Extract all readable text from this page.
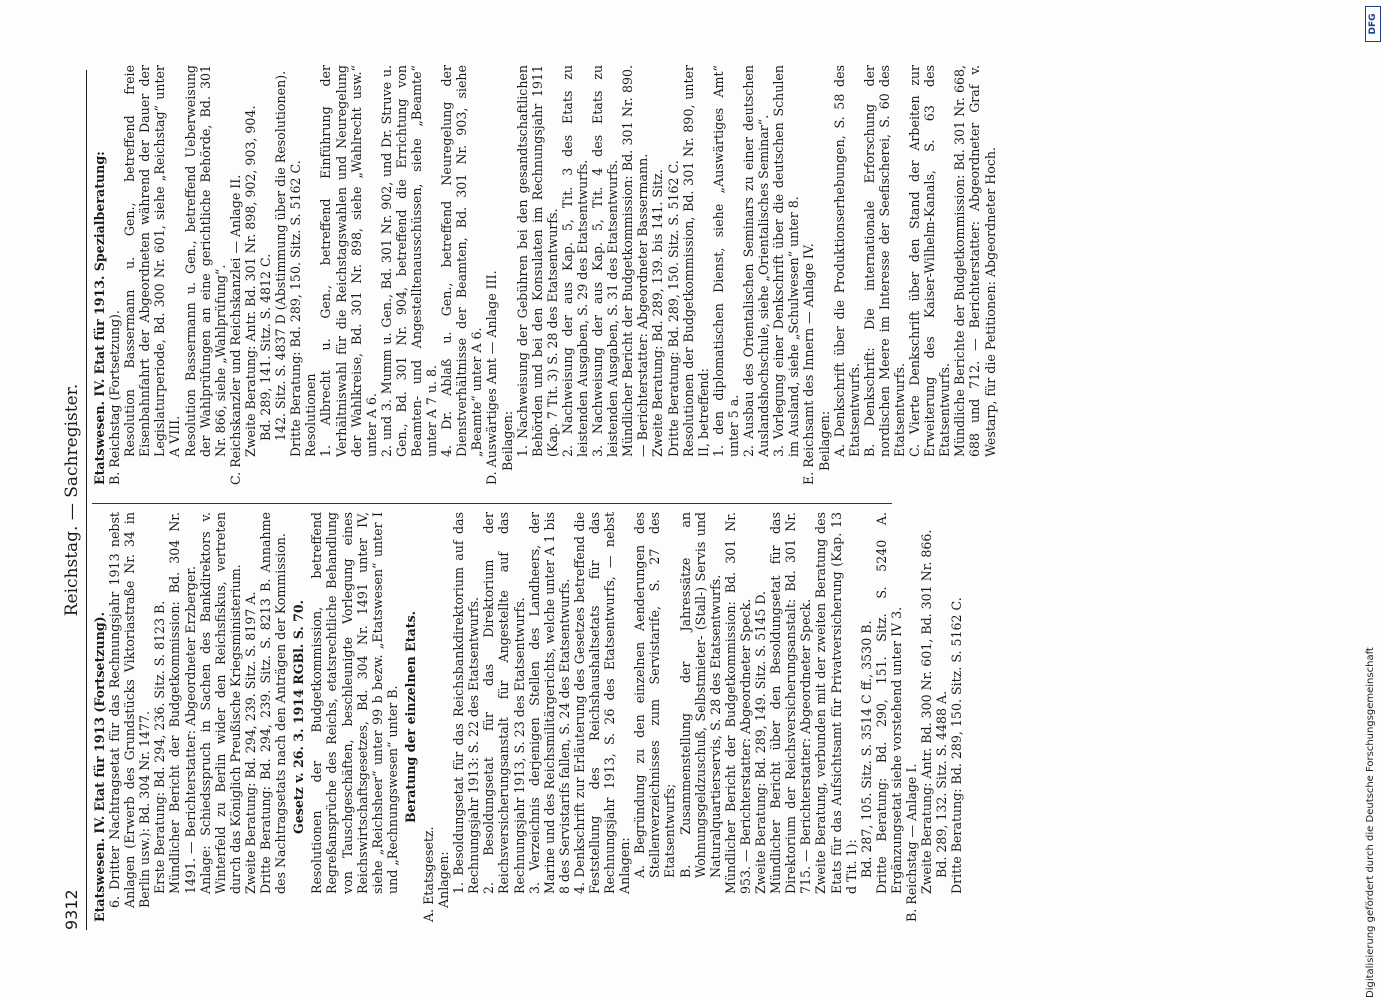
9312
Reichstag. — Sachregister.

Etatswesen. IV. Etat für 1913 (Fortsetzung). 6. Dritter Nachtragsetat für das Rechnungsjahr 1913 nebst Anlagen (Erwerb des Grundstücks Viktoriastraße Nr. 34 in Berlin usw.): Bd. 304 Nr. 1477. Erste Beratung: Bd. 294, 236. Sitz. S. 8123 B. Mündlicher Bericht der Budgetkommission: Bd. 304 Nr. 1491. — Berichterstatter: Abgeordneter Erzberger. Anlage: Schiedsspruch in Sachen des Bankdirektors v. Winterfeld zu Berlin wider den Reichsfiskus, vertreten durch das Königlich Preußische Kriegsministerium. Zweite Beratung: Bd. 294, 239. Sitz. S. 8197 A. Dritte Beratung: Bd. 294, 239. Sitz. S. 8213 B. Annahme des Nachtragsetats nach den Anträgen der Kommission. Gesetz v. 26. 3. 1914 RGBl. S. 70. Resolutionen der Budgetkommission, betreffend Regreßansprüche des Reichs, etatsrechtliche Behandlung von Tauschgeschäften, beschleunigte Vorlegung eines Reichswirtschaftsgesetzes, Bd. 304 Nr. 1491 unter IV, siehe „Reichsheer“ unter 99 b bezw. „Etatswesen“ unter I und „Rechnungswesen“ unter B. Beratung der einzelnen Etats.

A. Etatsgesetz. Anlagen: 1. Besoldungsetat für das Reichsbankdirektorium auf das Rechnungsjahr 1913: S. 22 des Etatsentwurfs. 2. Besoldungsetat für das Direktorium der Reichsversicherungsanstalt für Angestellte auf das Rechnungsjahr 1913, S. 23 des Etatsentwurfs. 3. Verzeichnis derjenigen Stellen des Landheers, der Marine und des Reichsmilitärgerichts, welche unter A 1 bis 8 des Servistarifs fallen, S. 24 des Etatsentwurfs. 4. Denkschrift zur Erläuterung des Gesetzes betreffend die Feststellung des Reichshaushaltsetats für das Rechnungsjahr 1913, S. 26 des Etatsentwurfs, — nebst Anlagen: A. Begründung zu den einzelnen Aenderungen des Stellenverzeichnisses zum Servistarife, S. 27 des Etatsentwurfs; B. Zusammenstellung der Jahressätze an Wohnungsgeldzuschuß, Selbstmieter- (Stall-) Servis und Naturalquartierservis, S. 28 des Etatsentwurfs. Mündlicher Bericht der Budgetkommission: Bd. 301 Nr. 953. — Berichterstatter: Abgeordneter Speck. Zweite Beratung: Bd. 289, 149. Sitz. S. 5145 D. Mündlicher Bericht über den Besoldungsetat für das Direktorium der Reichsversicherungsanstalt: Bd. 301 Nr. 715. — Berichterstatter: Abgeordneter Speck. Zweite Beratung, verbunden mit der zweiten Beratung des Etats für das Aufsichtsamt für Privatversicherung (Kap. 13 d Tit. 1): Bd. 287, 105. Sitz. S. 3514 C ff., 3530 B. Dritte Beratung: Bd. 290, 151. Sitz. S. 5240 A. Ergänzungsetat siehe vorstehend unter IV 3. B. Reichstag — Anlage I. Zweite Beratung: Antr. Bd. 300 Nr. 601, Bd. 301 Nr. 866. Bd. 289, 132. Sitz. S. 4488 A. Dritte Beratung: Bd. 289, 150. Sitz. S. 5162 C.

Etatswesen. IV. Etat für 1913. Spezialberatung: B. Reichstag (Fortsetzung). Resolution Bassermann u. Gen., betreffend freie Eisenbahnfahrt der Abgeordneten während der Dauer der Legislaturperiode, Bd. 300 Nr. 601, siehe „Reichstag“ unter A VIII. Resolution Bassermann u. Gen., betreffend Ueberweisung der Wahlprüfungen an eine gerichtliche Behörde, Bd. 301 Nr. 866, siehe „Wahlprüfung“. C. Reichskanzler und Reichskanzlei — Anlage II. Zweite Beratung: Antr. Bd. 301 Nr. 898, 902, 903, 904. Bd. 289, 141. Sitz. S. 4812 C. 142. Sitz. S. 4837 D (Abstimmung über die Resolutionen). Dritte Beratung: Bd. 289, 150. Sitz. S. 5162 C. Resolutionen 1. Albrecht u. Gen., betreffend Einführung der Verhältniswahl für die Reichstagswahlen und Neuregelung der Wahlkreise, Bd. 301 Nr. 898, siehe „Wahlrecht usw.“ unter A 6. 2. und 3. Mumm u. Gen., Bd. 301 Nr. 902, und Dr. Struve u. Gen., Bd. 301 Nr. 904, betreffend die Errichtung von Beamten- und Angestelltenausschüssen, siehe „Beamte“ unter A 7 u. 8. 4. Dr. Ablaß u. Gen., betreffend Neuregelung der Dienstverhältnisse der Beamten, Bd. 301 Nr. 903, siehe „Beamte“ unter A 6. D. Auswärtiges Amt — Anlage III. Beilagen: 1. Nachweisung der Gebühren bei den gesandtschaftlichen Behörden und bei den Konsulaten im Rechnungsjahr 1911 (Kap. 7 Tit. 3) S. 28 des Etatsentwurfs. 2. Nachweisung der aus Kap. 5, Tit. 3 des Etats zu leistenden Ausgaben, S. 29 des Etatsentwurfs. 3. Nachweisung der aus Kap. 5, Tit. 4 des Etats zu leistenden Ausgaben, S. 31 des Etatsentwurfs. Mündlicher Bericht der Budgetkommission: Bd. 301 Nr. 890. — Berichterstatter: Abgeordneter Bassermann. Zweite Beratung: Bd. 289, 139. bis 141. Sitz. Dritte Beratung: Bd. 289, 150. Sitz. S. 5162 C. Resolutionen der Budgetkommission, Bd. 301 Nr. 890, unter II, betreffend: 1. den diplomatischen Dienst, siehe „Auswärtiges Amt“ unter 5 a. 2. Ausbau des Orientalischen Seminars zu einer deutschen Auslandshochschule, siehe „Orientalisches Seminar“. 3. Vorlegung einer Denkschrift über die deutschen Schulen im Ausland, siehe „Schulwesen“ unter 8. E. Reichsamt des Innern — Anlage IV. Beilagen: A. Denkschrift über die Produktionserhebungen, S. 58 des Etatsentwurfs. B. Denkschrift: Die internationale Erforschung der nordischen Meere im Interesse der Seefischerei, S. 60 des Etatsentwurfs. C. Vierte Denkschrift über den Stand der Arbeiten zur Erweiterung des Kaiser-Wilhelm-Kanals, S. 63 des Etatsentwurfs. Mündliche Berichte der Budgetkommission: Bd. 301 Nr. 668, 688 und 712. — Berichterstatter: Abgeordneter Graf v. Westarp, für die Petitionen: Abgeordneter Hoch.

Digitalisierung gefördert durch die Deutsche Forschungsgemeinschaft
DFG
